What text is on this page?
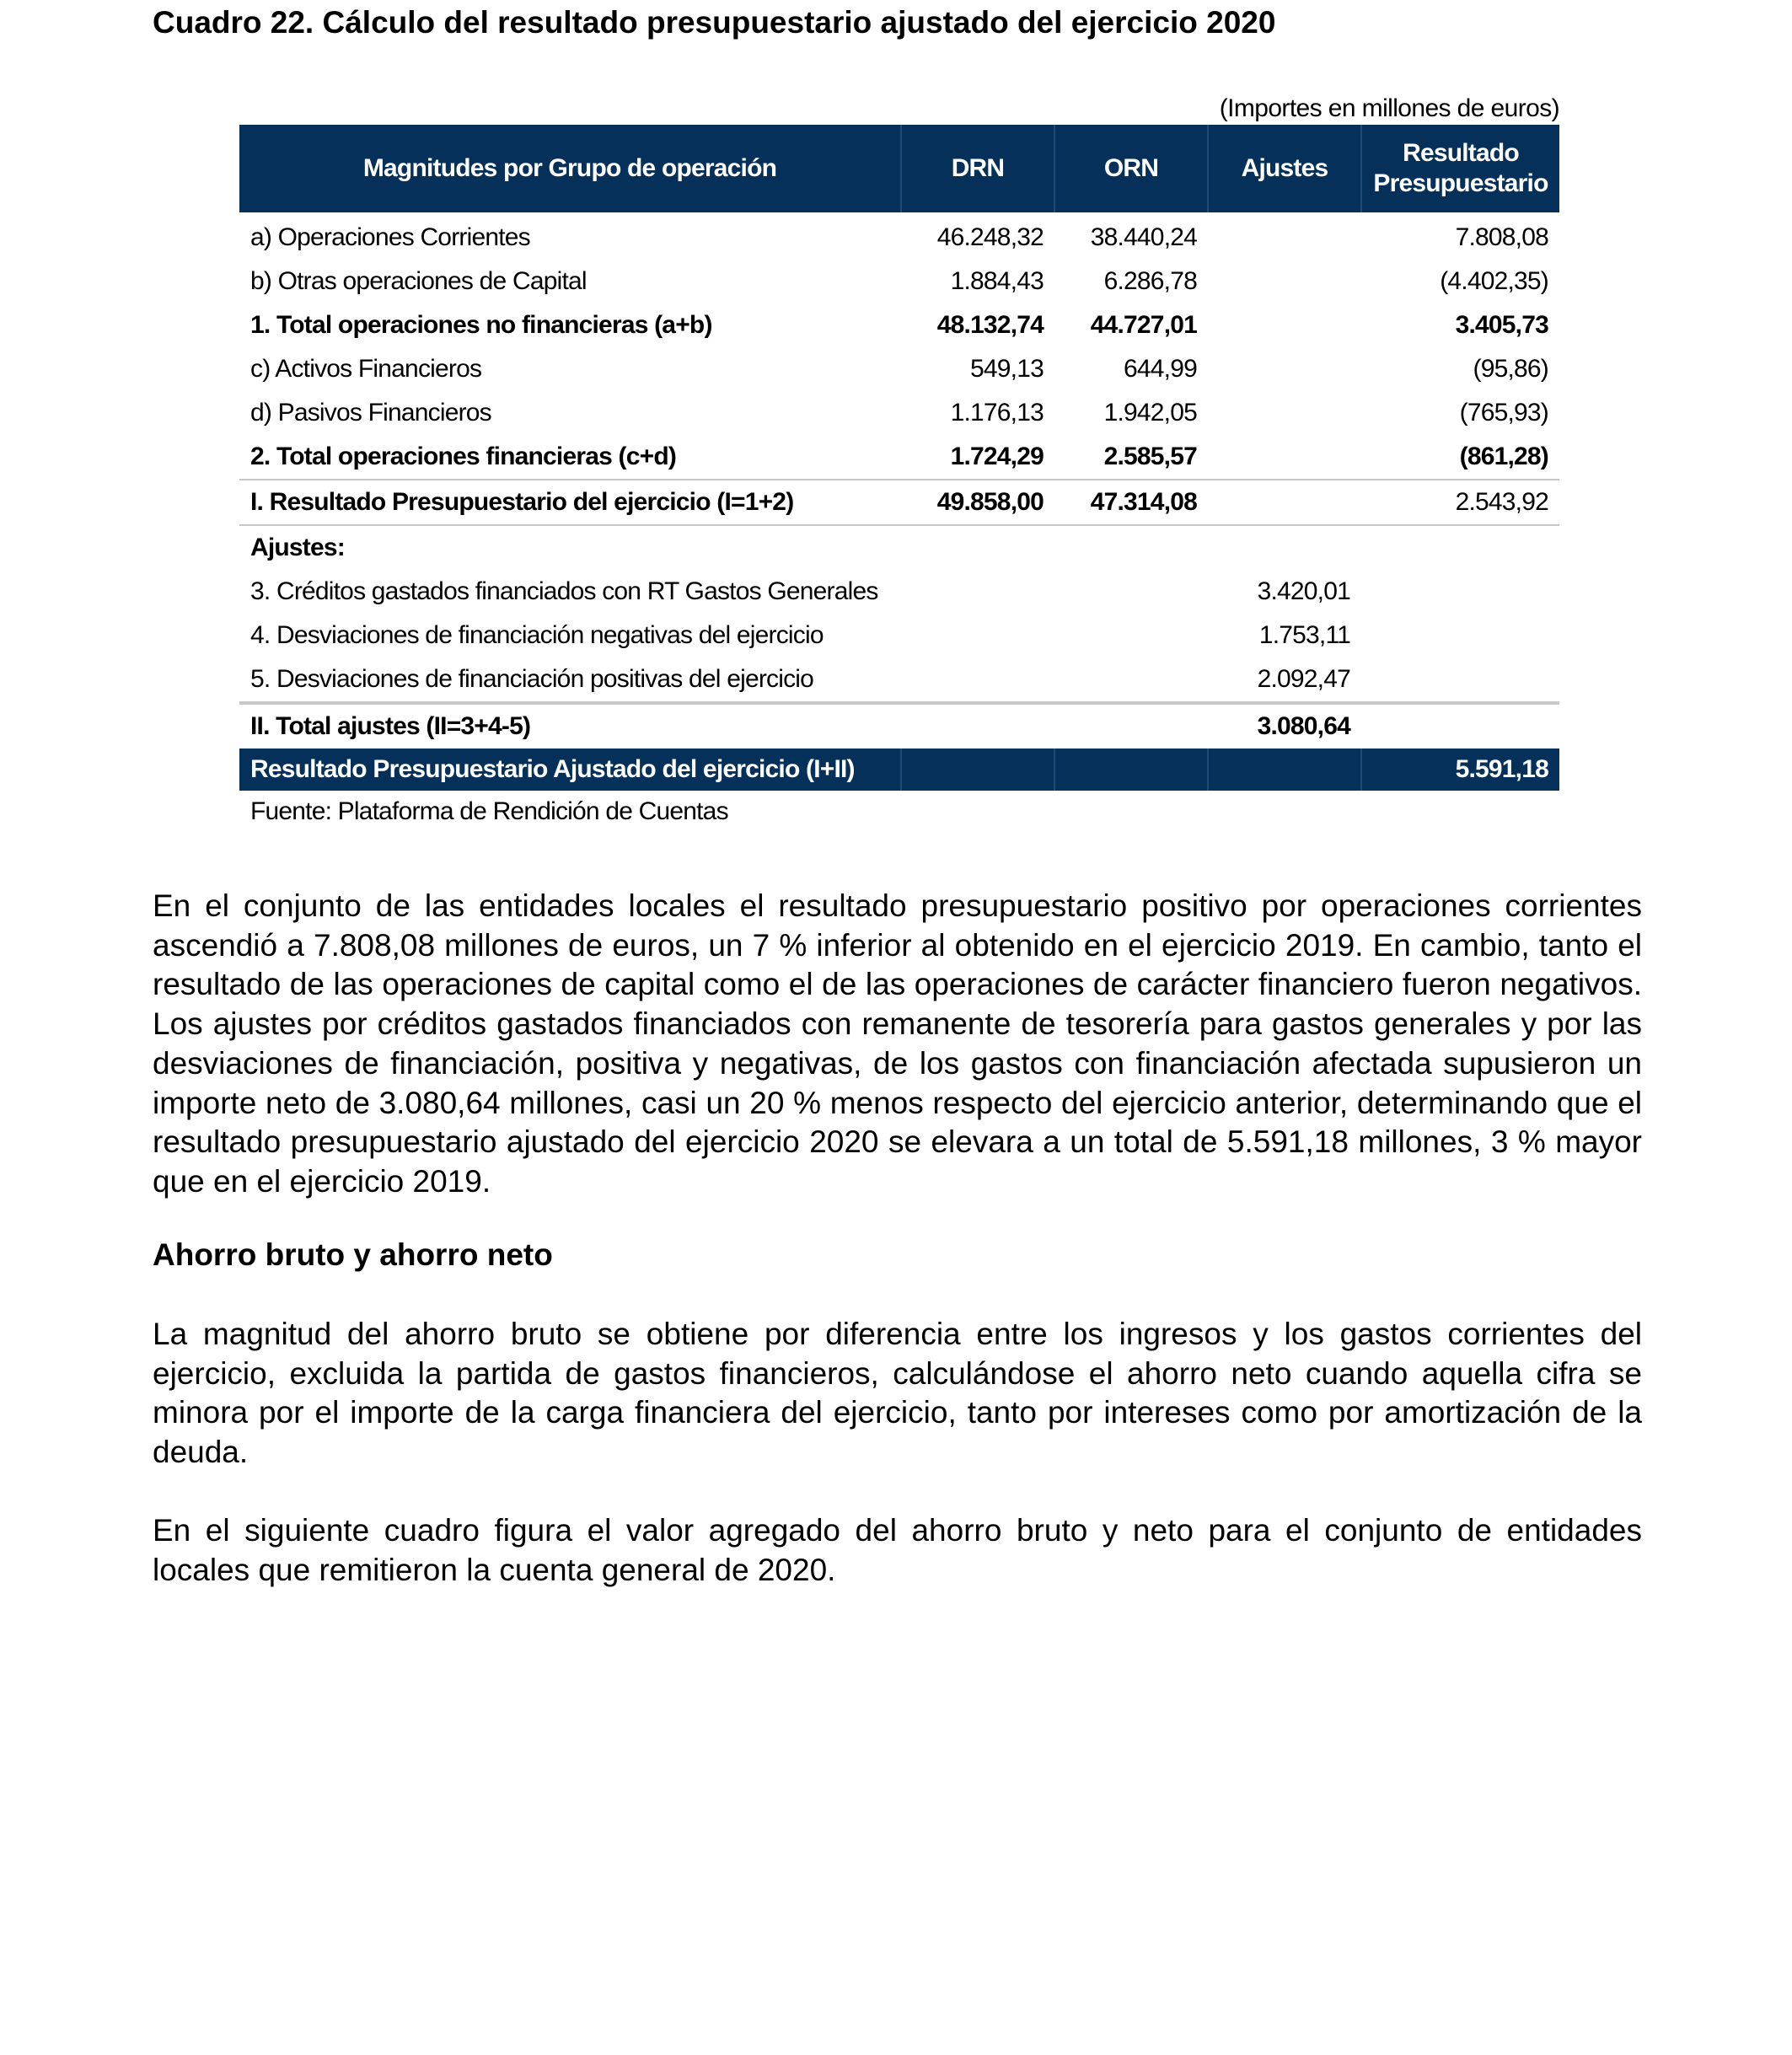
Cuadro 22. Cálculo del resultado presupuestario ajustado del ejercicio 2020
(Importes en millones de euros)
Magnitudes por Grupo de operación	DRN	ORN	Ajustes	Resultado
Presupuestario
a) Operaciones Corrientes	46.248,32	38.440,24		7.808,08
b) Otras operaciones de Capital	1.884,43	6.286,78		(4.402,35)
1. Total operaciones no financieras (a+b)	48.132,74	44.727,01		3.405,73
c) Activos Financieros	549,13	644,99		(95,86)
d) Pasivos Financieros	1.176,13	1.942,05		(765,93)
2. Total operaciones financieras (c+d)	1.724,29	2.585,57		(861,28)
I. Resultado Presupuestario del ejercicio (I=1+2)	49.858,00	47.314,08		2.543,92
Ajustes:				
3. Créditos gastados financiados con RT Gastos Generales			3.420,01	
4. Desviaciones de financiación negativas del ejercicio			1.753,11	
5. Desviaciones de financiación positivas del ejercicio			2.092,47	
II. Total ajustes (II=3+4-5)			3.080,64	
Resultado Presupuestario Ajustado del ejercicio (I+II)				5.591,18
Fuente: Plataforma de Rendición de Cuentas

En el conjunto de las entidades locales el resultado presupuestario positivo por operaciones corrientes ascendió a 7.808,08 millones de euros, un 7 % inferior al obtenido en el ejercicio 2019. En cambio, tanto el resultado de las operaciones de capital como el de las operaciones de carácter financiero fueron negativos. Los ajustes por créditos gastados financiados con remanente de tesorería para gastos generales y por las desviaciones de financiación, positiva y negativas, de los gastos con financiación afectada supusieron un importe neto de 3.080,64 millones, casi un 20 % menos respecto del ejercicio anterior, determinando que el resultado presupuestario ajustado del ejercicio 2020 se elevara a un total de 5.591,18 millones, 3 % mayor que en el ejercicio 2019.

Ahorro bruto y ahorro neto

La magnitud del ahorro bruto se obtiene por diferencia entre los ingresos y los gastos corrientes del ejercicio, excluida la partida de gastos financieros, calculándose el ahorro neto cuando aquella cifra se minora por el importe de la carga financiera del ejercicio, tanto por intereses como por amortización de la deuda.

En el siguiente cuadro figura el valor agregado del ahorro bruto y neto para el conjunto de entidades locales que remitieron la cuenta general de 2020.
